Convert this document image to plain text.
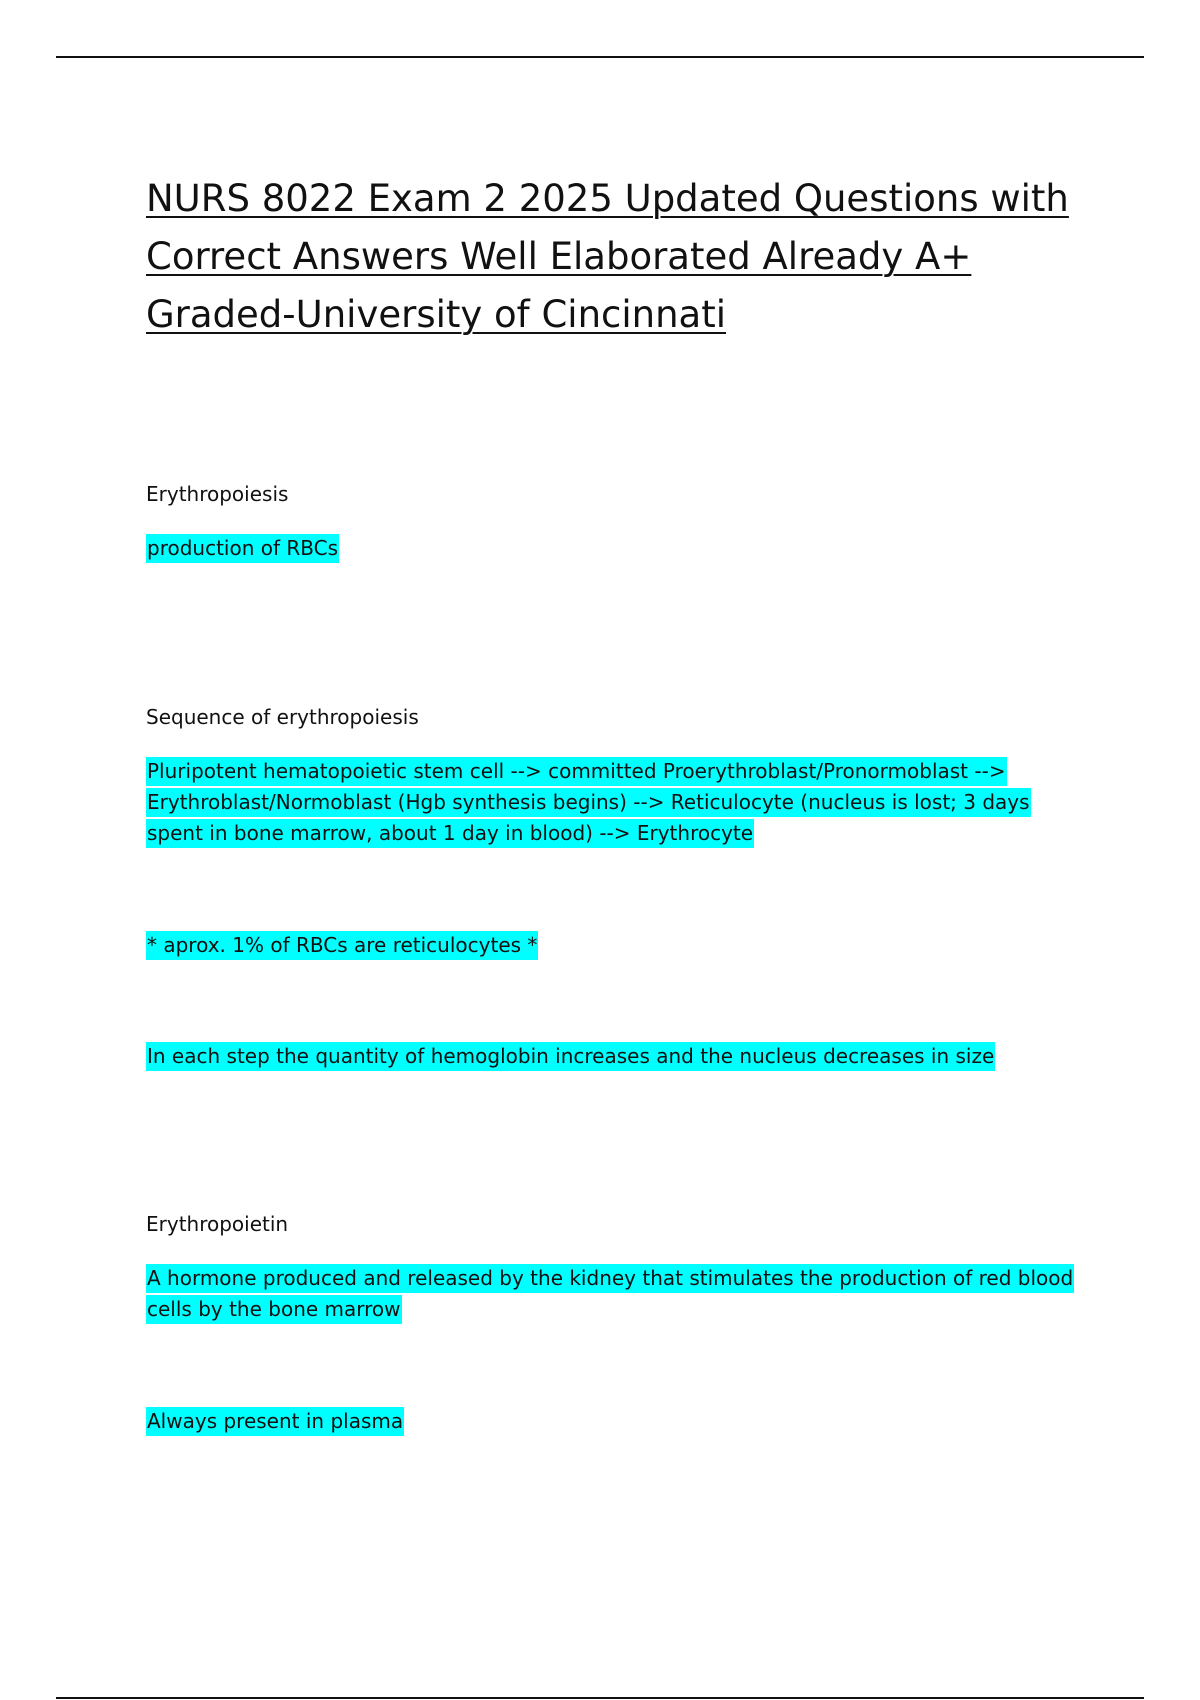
NURS 8022 Exam 2 2025 Updated Questions with Correct Answers Well Elaborated Already A+ Graded-University of Cincinnati

Erythropoiesis

production of RBCs

Sequence of erythropoiesis

Pluripotent hematopoietic stem cell --> committed Proerythroblast/Pronormoblast --> Erythroblast/Normoblast (Hgb synthesis begins) --> Reticulocyte (nucleus is lost; 3 days spent in bone marrow, about 1 day in blood) --> Erythrocyte

* aprox. 1% of RBCs are reticulocytes *

In each step the quantity of hemoglobin increases and the nucleus decreases in size

Erythropoietin

A hormone produced and released by the kidney that stimulates the production of red blood cells by the bone marrow

Always present in plasma
